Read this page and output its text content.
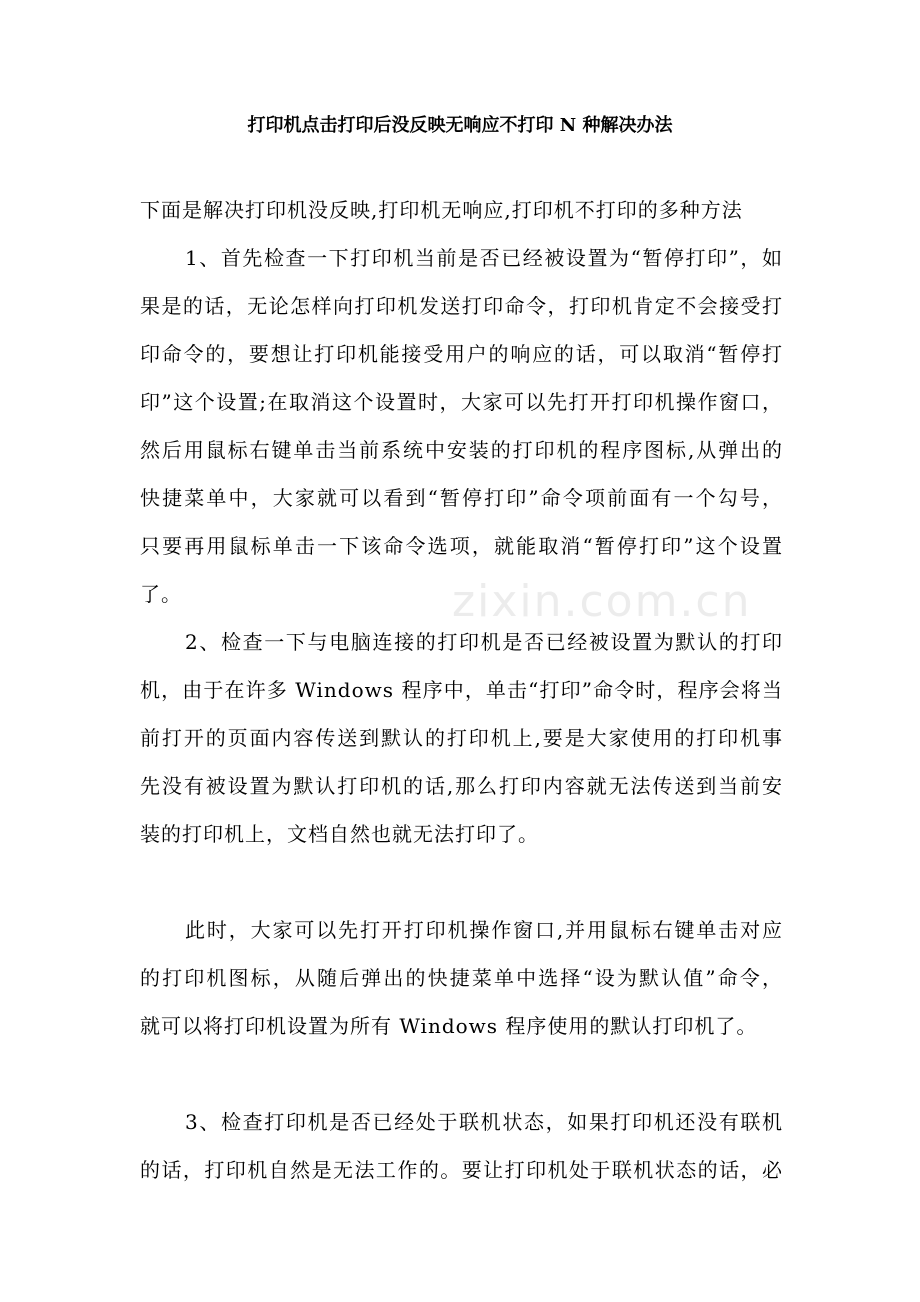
zixin.com.cn
打印机点击打印后没反映无响应不打印 N 种解决办法

下面是解决打印机没反映,打印机无响应,打印机不打印的多种方法

1、首先检查一下打印机当前是否已经被设置为“暂停打印”，如
果是的话，无论怎样向打印机发送打印命令，打印机肯定不会接受打
印命令的，要想让打印机能接受用户的响应的话，可以取消“暂停打
印”这个设置;在取消这个设置时，大家可以先打开打印机操作窗口，
然后用鼠标右键单击当前系统中安装的打印机的程序图标,从弹出的
快捷菜单中，大家就可以看到“暂停打印”命令项前面有一个勾号，
只要再用鼠标单击一下该命令选项，就能取消“暂停打印”这个设置
了。

2、检查一下与电脑连接的打印机是否已经被设置为默认的打印
机，由于在许多 Windows 程序中，单击“打印”命令时，程序会将当
前打开的页面内容传送到默认的打印机上,要是大家使用的打印机事
先没有被设置为默认打印机的话,那么打印内容就无法传送到当前安
装的打印机上，文档自然也就无法打印了。

此时，大家可以先打开打印机操作窗口,并用鼠标右键单击对应
的打印机图标，从随后弹出的快捷菜单中选择“设为默认值”命令，
就可以将打印机设置为所有 Windows 程序使用的默认打印机了。

3、检查打印机是否已经处于联机状态，如果打印机还没有联机
的话，打印机自然是无法工作的。要让打印机处于联机状态的话，必
